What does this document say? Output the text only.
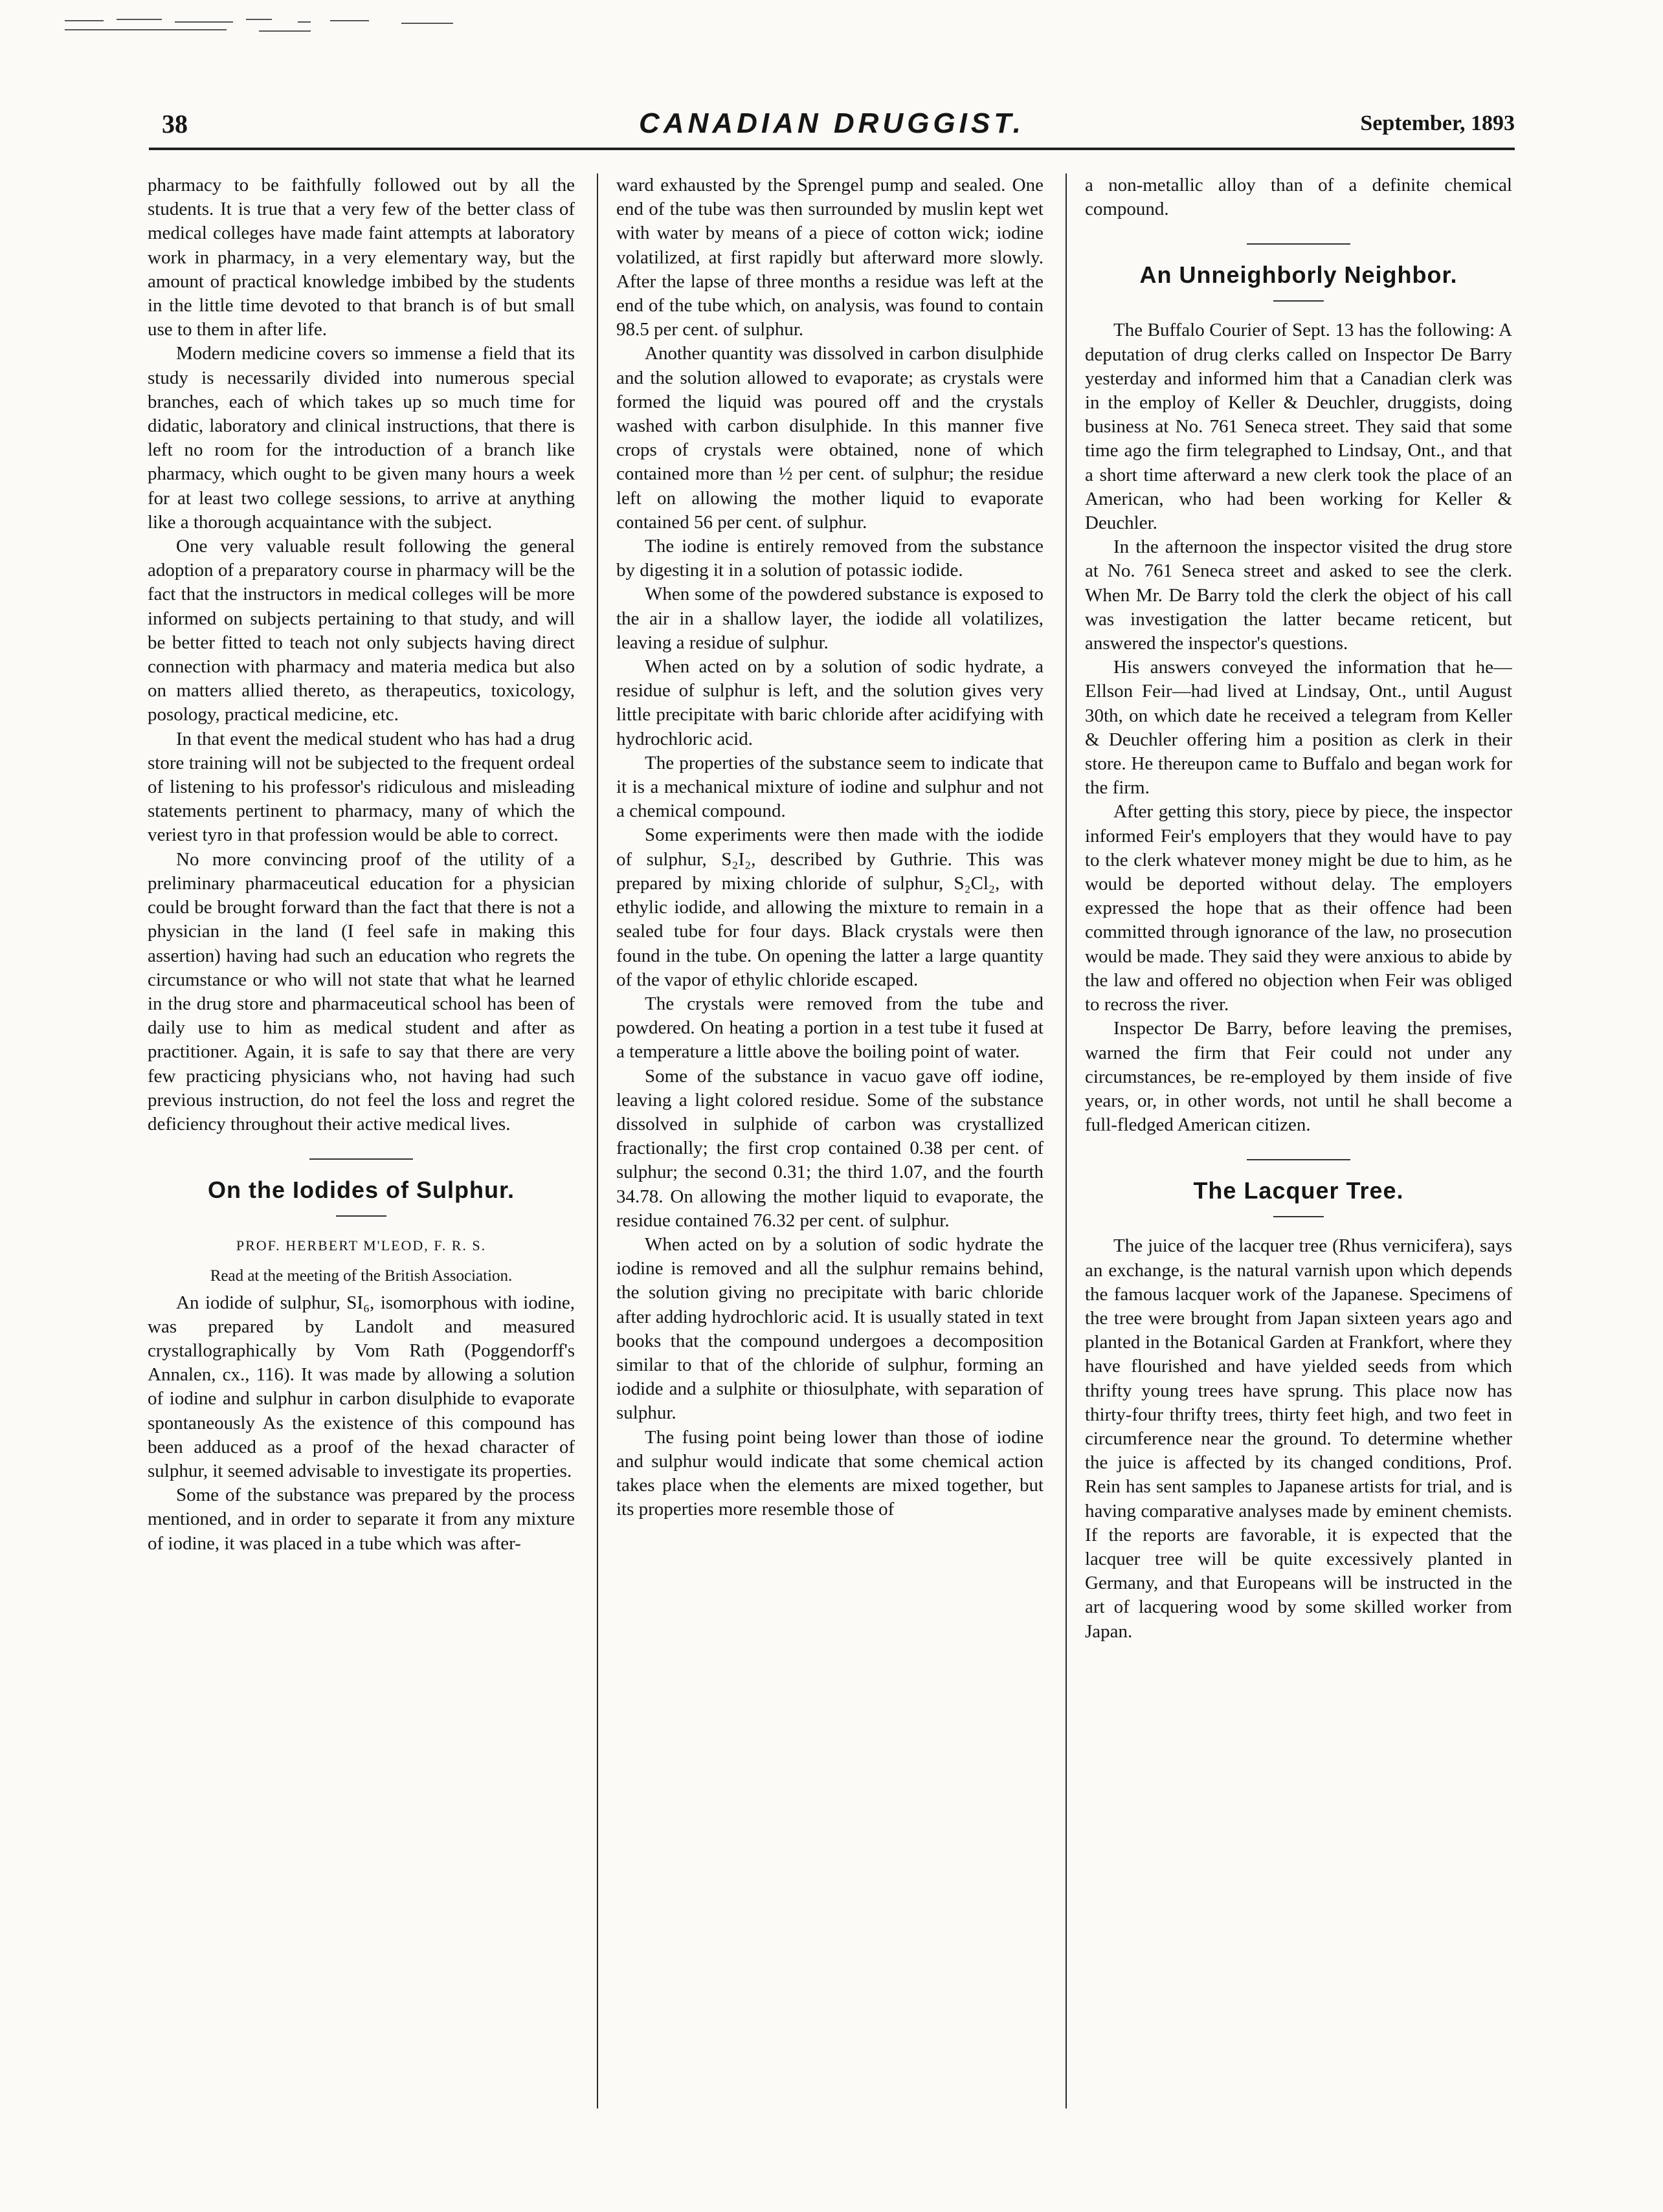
38	CANADIAN DRUGGIST.	September, 1893

pharmacy to be faithfully followed out by all the students. It is true that a very few of the better class of medical colleges have made faint attempts at laboratory work in pharmacy, in a very elementary way, but the amount of practical knowledge imbibed by the students in the little time devoted to that branch is of but small use to them in after life.

Modern medicine covers so immense a field that its study is necessarily divided into numerous special branches, each of which takes up so much time for didatic, laboratory and clinical instructions, that there is left no room for the introduction of a branch like pharmacy, which ought to be given many hours a week for at least two college sessions, to arrive at anything like a thorough acquaintance with the subject.

One very valuable result following the general adoption of a preparatory course in pharmacy will be the fact that the instructors in medical colleges will be more informed on subjects pertaining to that study, and will be better fitted to teach not only subjects having direct connection with pharmacy and materia medica but also on matters allied thereto, as therapeutics, toxicology, posology, practical medicine, etc.

In that event the medical student who has had a drug store training will not be subjected to the frequent ordeal of listening to his professor's ridiculous and misleading statements pertinent to pharmacy, many of which the veriest tyro in that profession would be able to correct.

No more convincing proof of the utility of a preliminary pharmaceutical education for a physician could be brought forward than the fact that there is not a physician in the land (I feel safe in making this assertion) having had such an education who regrets the circumstance or who will not state that what he learned in the drug store and pharmaceutical school has been of daily use to him as medical student and after as practitioner. Again, it is safe to say that there are very few practicing physicians who, not having had such previous instruction, do not feel the loss and regret the deficiency throughout their active medical lives.

On the Iodides of Sulphur.

PROF. HERBERT M'LEOD, F. R. S.

Read at the meeting of the British Association.

An iodide of sulphur, SI₆, isomorphous with iodine, was prepared by Landolt and measured crystallographically by Vom Rath (Poggendorff's Annalen, cx., 116). It was made by allowing a solution of iodine and sulphur in carbon disulphide to evaporate spontaneously As the existence of this compound has been adduced as a proof of the hexad character of sulphur, it seemed advisable to investigate its properties.

Some of the substance was prepared by the process mentioned, and in order to separate it from any mixture of iodine, it was placed in a tube which was after-

ward exhausted by the Sprengel pump and sealed. One end of the tube was then surrounded by muslin kept wet with water by means of a piece of cotton wick; iodine volatilized, at first rapidly but afterward more slowly. After the lapse of three months a residue was left at the end of the tube which, on analysis, was found to contain 98.5 per cent. of sulphur.

Another quantity was dissolved in carbon disulphide and the solution allowed to evaporate; as crystals were formed the liquid was poured off and the crystals washed with carbon disulphide. In this manner five crops of crystals were obtained, none of which contained more than ½ per cent. of sulphur; the residue left on allowing the mother liquid to evaporate contained 56 per cent. of sulphur.

The iodine is entirely removed from the substance by digesting it in a solution of potassic iodide.

When some of the powdered substance is exposed to the air in a shallow layer, the iodide all volatilizes, leaving a residue of sulphur.

When acted on by a solution of sodic hydrate, a residue of sulphur is left, and the solution gives very little precipitate with baric chloride after acidifying with hydrochloric acid.

The properties of the substance seem to indicate that it is a mechanical mixture of iodine and sulphur and not a chemical compound.

Some experiments were then made with the iodide of sulphur, S₂I₂, described by Guthrie. This was prepared by mixing chloride of sulphur, S₂Cl₂, with ethylic iodide, and allowing the mixture to remain in a sealed tube for four days. Black crystals were then found in the tube. On opening the latter a large quantity of the vapor of ethylic chloride escaped.

The crystals were removed from the tube and powdered. On heating a portion in a test tube it fused at a temperature a little above the boiling point of water.

Some of the substance in vacuo gave off iodine, leaving a light colored residue. Some of the substance dissolved in sulphide of carbon was crystallized fractionally; the first crop contained 0.38 per cent. of sulphur; the second 0.31; the third 1.07, and the fourth 34.78. On allowing the mother liquid to evaporate, the residue contained 76.32 per cent. of sulphur.

When acted on by a solution of sodic hydrate the iodine is removed and all the sulphur remains behind, the solution giving no precipitate with baric chloride after adding hydrochloric acid. It is usually stated in text books that the compound undergoes a decomposition similar to that of the chloride of sulphur, forming an iodide and a sulphite or thiosulphate, with separation of sulphur.

The fusing point being lower than those of iodine and sulphur would indicate that some chemical action takes place when the elements are mixed together, but its properties more resemble those of

a non-metallic alloy than of a definite chemical compound.

An Unneighborly Neighbor.

The Buffalo Courier of Sept. 13 has the following: A deputation of drug clerks called on Inspector De Barry yesterday and informed him that a Canadian clerk was in the employ of Keller & Deuchler, druggists, doing business at No. 761 Seneca street. They said that some time ago the firm telegraphed to Lindsay, Ont., and that a short time afterward a new clerk took the place of an American, who had been working for Keller & Deuchler.

In the afternoon the inspector visited the drug store at No. 761 Seneca street and asked to see the clerk. When Mr. De Barry told the clerk the object of his call was investigation the latter became reticent, but answered the inspector's questions.

His answers conveyed the information that he—Ellson Feir—had lived at Lindsay, Ont., until August 30th, on which date he received a telegram from Keller & Deuchler offering him a position as clerk in their store. He thereupon came to Buffalo and began work for the firm.

After getting this story, piece by piece, the inspector informed Feir's employers that they would have to pay to the clerk whatever money might be due to him, as he would be deported without delay. The employers expressed the hope that as their offence had been committed through ignorance of the law, no prosecution would be made. They said they were anxious to abide by the law and offered no objection when Feir was obliged to recross the river.

Inspector De Barry, before leaving the premises, warned the firm that Feir could not under any circumstances, be re-employed by them inside of five years, or, in other words, not until he shall become a full-fledged American citizen.

The Lacquer Tree.

The juice of the lacquer tree (Rhus vernicifera), says an exchange, is the natural varnish upon which depends the famous lacquer work of the Japanese. Specimens of the tree were brought from Japan sixteen years ago and planted in the Botanical Garden at Frankfort, where they have flourished and have yielded seeds from which thrifty young trees have sprung. This place now has thirty-four thrifty trees, thirty feet high, and two feet in circumference near the ground. To determine whether the juice is affected by its changed conditions, Prof. Rein has sent samples to Japanese artists for trial, and is having comparative analyses made by eminent chemists. If the reports are favorable, it is expected that the lacquer tree will be quite excessively planted in Germany, and that Europeans will be instructed in the art of lacquering wood by some skilled worker from Japan.
